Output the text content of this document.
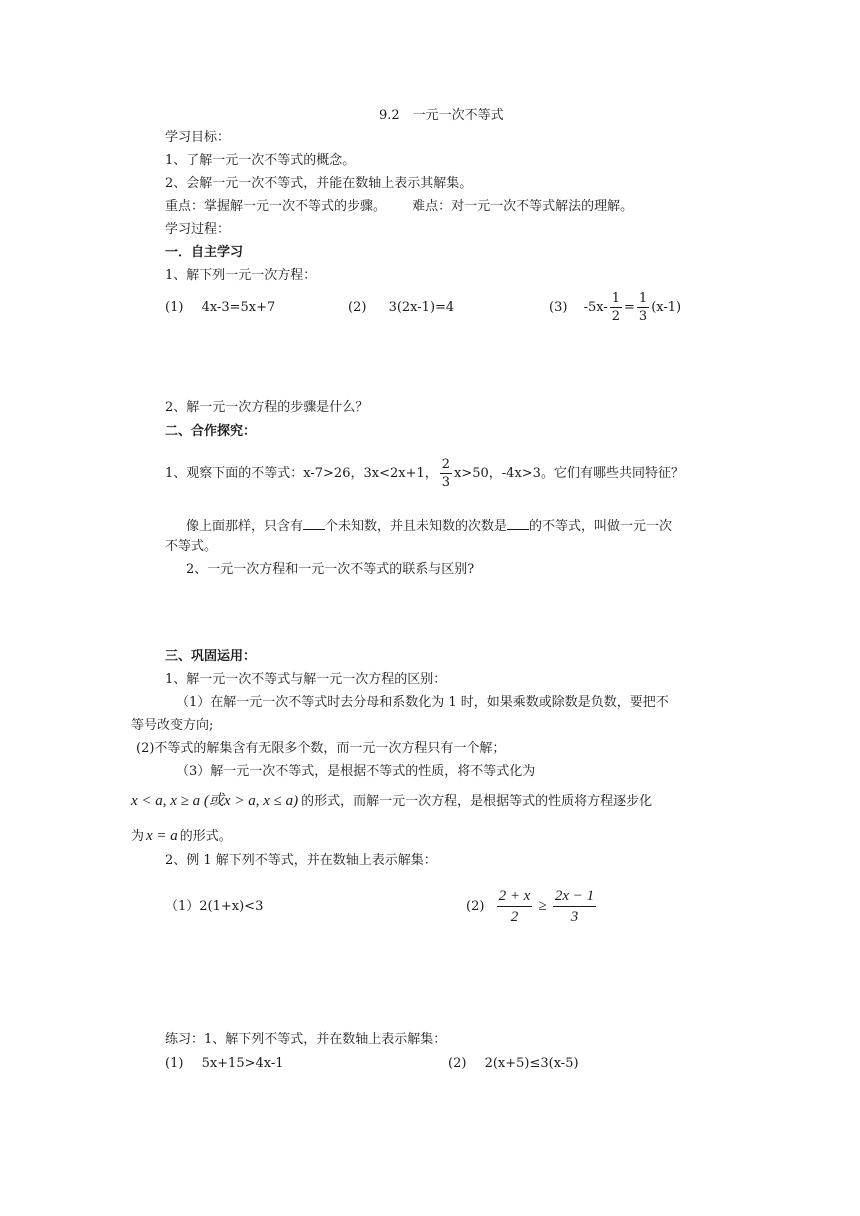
9.2　一元一次不等式
学习目标：
1、了解一元一次不等式的概念。
2、会解一元一次不等式，并能在数轴上表示其解集。
重点：掌握解一元一次不等式的步骤。 难点：对一元一次不等式解法的理解。
学习过程：
一．自主学习
1、解下列一元一次方程：
(1) 4x-3=5x+7	(2) 3(2x-1)=4	(3) $-5x- \frac{1}{2} = \frac{1}{3} (x-1)$
2、解一元一次方程的步骤是什么？
二、合作探究：
1、观察下面的不等式：x-7>26，3x<2x+1， $\frac{2}{3} x>50$，-4x>3。它们有哪些共同特征？
像上面那样，只含有 个未知数，并且未知数的次数是 的不等式，叫做一元一次
不等式。
2、一元一次方程和一元一次不等式的联系与区别?
三、巩固运用：
1、解一元一次不等式与解一元一次方程的区别：
（1）在解一元一次不等式时去分母和系数化为 1 时，如果乘数或除数是负数，要把不
等号改变方向;
(2)不等式的解集含有无限多个数，而一元一次方程只有一个解；
（3）解一元一次不等式，是根据不等式的性质，将不等式化为
x < a, x ≥ a (或x > a, x ≤ a) 的形式，而解一元一次方程，是根据等式的性质将方程逐步化
为 x = a 的形式。
2、例 1 解下列不等式，并在数轴上表示解集：
（1）2(1+x)<3	$(2) \frac{2 + x}{2} \ge \frac{2x - 1}{3}$
练习：1、解下列不等式，并在数轴上表示解集：
(1) 5x+15>4x-1	(2) 2(x+5)≤3(x-5)
